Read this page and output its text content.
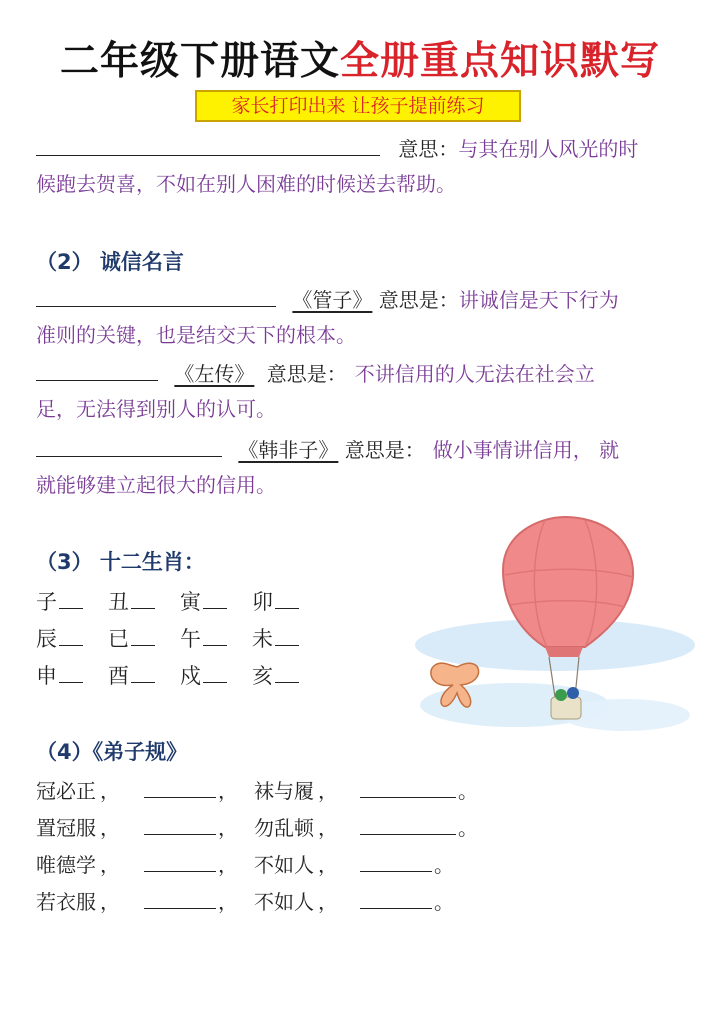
二年级下册语文全册重点知识默写
家长打印出来 让孩子提前练习
意思：与其在别人风光的时
候跑去贺喜，不如在别人困难的时候送去帮助。
（2） 诚信名言
《管子》 意思是：讲诚信是天下行为
准则的关键，也是结交天下的根本。
《左传》 意思是： 不讲信用的人无法在社会立
足，无法得到别人的认可。
《韩非子》 意思是： 做小事情讲信用， 就
就能够建立起很大的信用。
（3） 十二生肖：
子	丑	寅	卯
辰	已	午	未
申	酉	戍	亥
（4）《弟子规》
冠必正 ，	， 袜与履 ，	。
置冠服 ，	， 勿乱顿 ，	。
唯德学 ，	， 不如人 ，	。
若衣服 ，	， 不如人 ，	。
